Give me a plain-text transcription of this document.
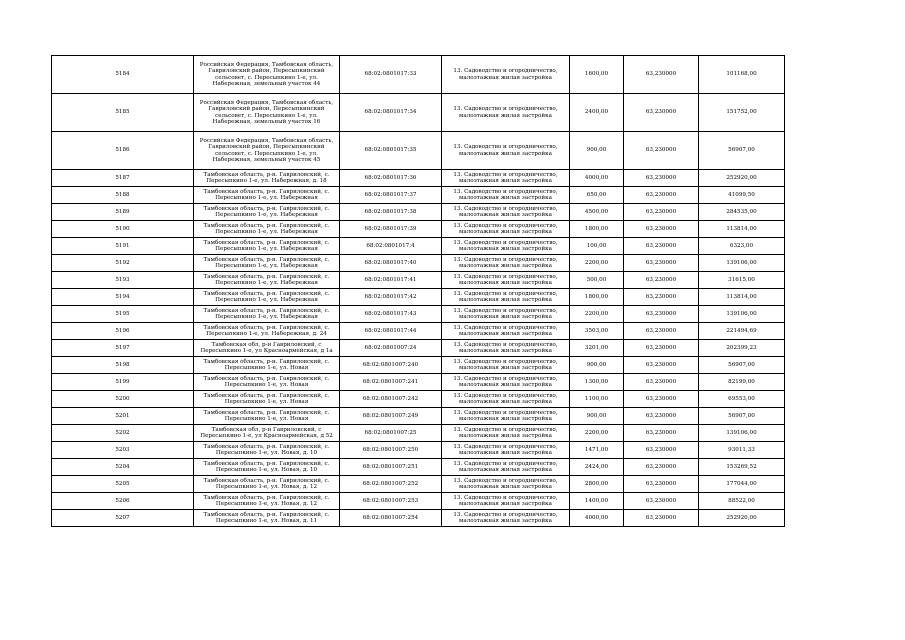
5184	Российская Федерация, Тамбовская область, Гавриловский район, Пересыпкинский сельсовет, с. Пересыпкино 1-е, ул. Набережная, земельный участок 44	68:02:0801017:33	13. Садоводство и огородничество, малоэтажная жилая застройка	1600,00	63,230000	101168,00
5185	Российская Федерация, Тамбовская область, Гавриловский район, Пересыпкинский сельсовет, с. Пересыпкино 1-е, ул. Набережная, земельный участок 16	68:02:0801017:34	13. Садоводство и огородничество, малоэтажная жилая застройка	2400,00	63,230000	151752,00
5186	Российская Федерация, Тамбовская область, Гавриловский район, Пересыпкинский сельсовет, с. Пересыпкино 1-е, ул. Набережная, земельный участок 45	68:02:0801017:35	13. Садоводство и огородничество, малоэтажная жилая застройка	900,00	63,230000	56907,00
5187	Тамбовская область, р-н. Гавриловский, с. Пересыпкино 1-е, ул. Набережная, д. 18	68:02:0801017:36	13. Садоводство и огородничество, малоэтажная жилая застройка	4000,00	63,230000	252920,00
5188	Тамбовская область, р-н. Гавриловский, с. Пересыпкино 1-е, ул. Набережная	68:02:0801017:37	13. Садоводство и огородничество, малоэтажная жилая застройка	650,00	63,230000	41099,50
5189	Тамбовская область, р-н. Гавриловский, с. Пересыпкино 1-е, ул. Набережная	68:02:0801017:38	13. Садоводство и огородничество, малоэтажная жилая застройка	4500,00	63,230000	284535,00
5190	Тамбовская область, р-н. Гавриловский, с. Пересыпкино 1-е, ул. Набережная	68:02:0801017:39	13. Садоводство и огородничество, малоэтажная жилая застройка	1800,00	63,230000	113814,00
5191	Тамбовская область, р-н. Гавриловский, с. Пересыпкино 1-е, ул. Набережная	68:02:0801017:4	13. Садоводство и огородничество, малоэтажная жилая застройка	100,00	63,230000	6323,00
5192	Тамбовская область, р-н. Гавриловский, с. Пересыпкино 1-е, ул. Набережная	68:02:0801017:40	13. Садоводство и огородничество, малоэтажная жилая застройка	2200,00	63,230000	139106,00
5193	Тамбовская область, р-н. Гавриловский, с. Пересыпкино 1-е, ул. Набережная	68:02:0801017:41	13. Садоводство и огородничество, малоэтажная жилая застройка	500,00	63,230000	31615,00
5194	Тамбовская область, р-н. Гавриловский, с. Пересыпкино 1-е, ул. Набережная	68:02:0801017:42	13. Садоводство и огородничество, малоэтажная жилая застройка	1800,00	63,230000	113814,00
5195	Тамбовская область, р-н. Гавриловский, с. Пересыпкино 1-е, ул. Набережная	68:02:0801017:43	13. Садоводство и огородничество, малоэтажная жилая застройка	2200,00	63,230000	139106,00
5196	Тамбовская область, р-н. Гавриловский, с. Пересыпкино 1-е, ул. Набережная, д. 24	68:02:0801017:44	13. Садоводство и огородничество, малоэтажная жилая застройка	3503,00	63,230000	221494,69
5197	Тамбовская обл, р-н Гавриловский, с Пересыпкино 1-е, ул Красноармейская, д 1а	68:02:0801007:24	13. Садоводство и огородничество, малоэтажная жилая застройка	3201,00	63,230000	202399,23
5198	Тамбовская область, р-н. Гавриловский, с. Пересыпкино 1-е, ул. Новая	68:02:0801007:240	13. Садоводство и огородничество, малоэтажная жилая застройка	900,00	63,230000	56907,00
5199	Тамбовская область, р-н. Гавриловский, с. Пересыпкино 1-е, ул. Новая	68:02:0801007:241	13. Садоводство и огородничество, малоэтажная жилая застройка	1300,00	63,230000	82199,00
5200	Тамбовская область, р-н. Гавриловский, с. Пересыпкино 1-е, ул. Новая	68:02:0801007:242	13. Садоводство и огородничество, малоэтажная жилая застройка	1100,00	63,230000	69553,00
5201	Тамбовская область, р-н. Гавриловский, с. Пересыпкино 1-е, ул. Новая	68:02:0801007:249	13. Садоводство и огородничество, малоэтажная жилая застройка	900,00	63,230000	56907,00
5202	Тамбовская обл, р-н Гавриловский, с Пересыпкино 1-е, ул Красноармейская, д 52	68:02:0801007:25	13. Садоводство и огородничество, малоэтажная жилая застройка	2200,00	63,230000	139106,00
5203	Тамбовская область, р-н. Гавриловский, с. Пересыпкино 1-е, ул. Новая, д. 10	68:02:0801007:250	13. Садоводство и огородничество, малоэтажная жилая застройка	1471,00	63,230000	93011,33
5204	Тамбовская область, р-н. Гавриловский, с. Пересыпкино 1-е, ул. Новая, д. 10	68:02:0801007:251	13. Садоводство и огородничество, малоэтажная жилая застройка	2424,00	63,230000	153269,52
5205	Тамбовская область, р-н. Гавриловский, с. Пересыпкино 1-е, ул. Новая, д. 12	68:02:0801007:252	13. Садоводство и огородничество, малоэтажная жилая застройка	2800,00	63,230000	177044,00
5206	Тамбовская область, р-н. Гавриловский, с. Пересыпкино 1-е, ул. Новая, д. 12	68:02:0801007:253	13. Садоводство и огородничество, малоэтажная жилая застройка	1400,00	63,230000	88522,00
5207	Тамбовская область, р-н. Гавриловский, с. Пересыпкино 1-е, ул. Новая, д. 11	68:02:0801007:254	13. Садоводство и огородничество, малоэтажная жилая застройка	4000,00	63,230000	252920,00
